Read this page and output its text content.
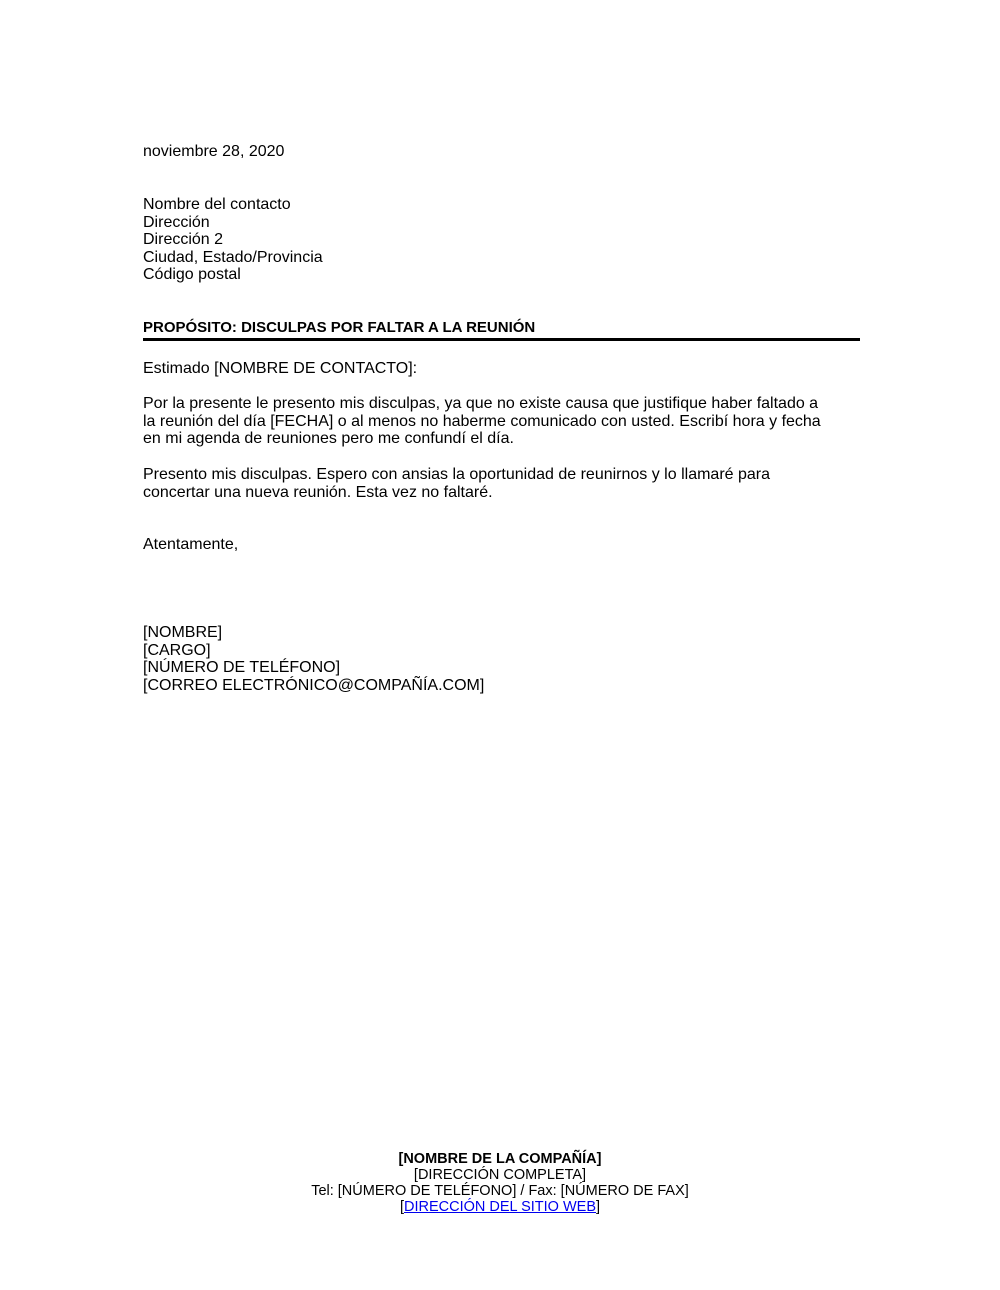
noviembre 28, 2020
Nombre del contacto
Dirección
Dirección 2
Ciudad, Estado/Provincia
Código postal
PROPÓSITO: DISCULPAS POR FALTAR A LA REUNIÓN
Estimado [NOMBRE DE CONTACTO]:
Por la presente le presento mis disculpas, ya que no existe causa que justifique haber faltado a
la reunión del día [FECHA] o al menos no haberme comunicado con usted. Escribí hora y fecha
en mi agenda de reuniones pero me confundí el día.
Presento mis disculpas. Espero con ansias la oportunidad de reunirnos y lo llamaré para
concertar una nueva reunión. Esta vez no faltaré.
Atentamente,
[NOMBRE]
[CARGO]
[NÚMERO DE TELÉFONO]
[CORREO ELECTRÓNICO@COMPAÑÍA.COM]
[NOMBRE DE LA COMPAÑÍA]
[DIRECCIÓN COMPLETA]
Tel: [NÚMERO DE TELÉFONO] / Fax: [NÚMERO DE FAX]
[DIRECCIÓN DEL SITIO WEB]
